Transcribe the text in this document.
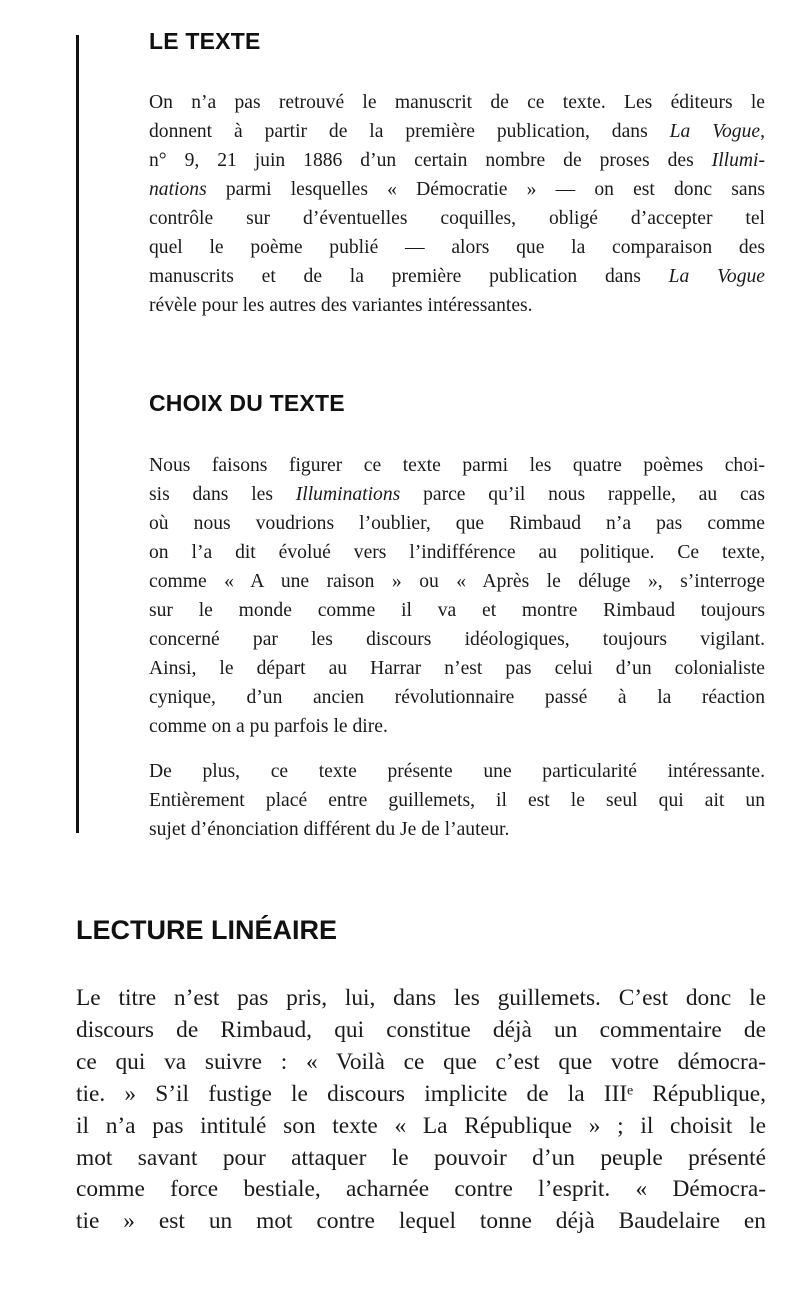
LE TEXTE
On n’a pas retrouvé le manuscrit de ce texte. Les éditeurs le
donnent à partir de la première publication, dans La Vogue,
n° 9, 21 juin 1886 d’un certain nombre de proses des Illumi-
nations parmi lesquelles « Démocratie » — on est donc sans
contrôle sur d’éventuelles coquilles, obligé d’accepter tel
quel le poème publié — alors que la comparaison des
manuscrits et de la première publication dans La Vogue
révèle pour les autres des variantes intéressantes.
CHOIX DU TEXTE
Nous faisons figurer ce texte parmi les quatre poèmes choi-
sis dans les Illuminations parce qu’il nous rappelle, au cas
où nous voudrions l’oublier, que Rimbaud n’a pas comme
on l’a dit évolué vers l’indifférence au politique. Ce texte,
comme « A une raison » ou « Après le déluge », s’interroge
sur le monde comme il va et montre Rimbaud toujours
concerné par les discours idéologiques, toujours vigilant.
Ainsi, le départ au Harrar n’est pas celui d’un colonialiste
cynique, d’un ancien révolutionnaire passé à la réaction
comme on a pu parfois le dire.
De plus, ce texte présente une particularité intéressante.
Entièrement placé entre guillemets, il est le seul qui ait un
sujet d’énonciation différent du Je de l’auteur.
LECTURE LINÉAIRE
Le titre n’est pas pris, lui, dans les guillemets. C’est donc le
discours de Rimbaud, qui constitue déjà un commentaire de
ce qui va suivre : « Voilà ce que c’est que votre démocra-
tie. » S’il fustige le discours implicite de la IIIᵉ République,
il n’a pas intitulé son texte « La République » ; il choisit le
mot savant pour attaquer le pouvoir d’un peuple présenté
comme force bestiale, acharnée contre l’esprit. « Démocra-
tie » est un mot contre lequel tonne déjà Baudelaire en
